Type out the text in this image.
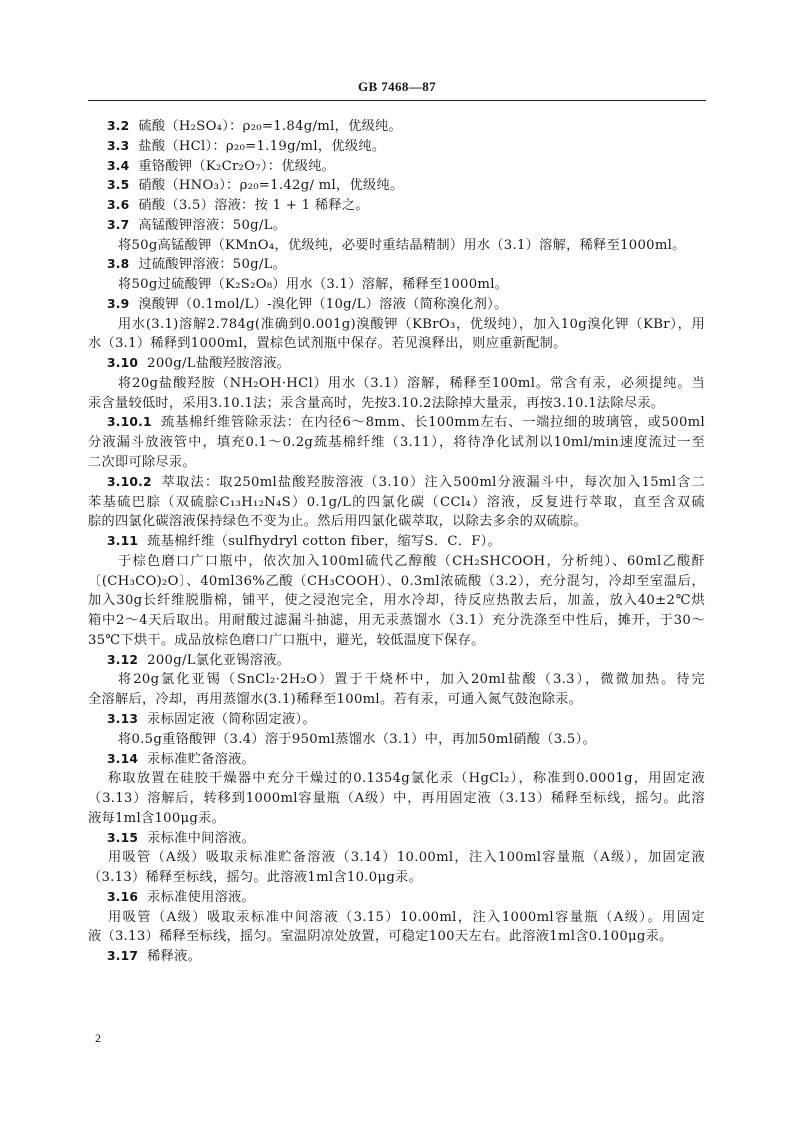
GB 7468—87
3.2 硫酸（H₂SO₄）：ρ₂₀=1.84g/ml，优级纯。
3.3 盐酸（HCl）：ρ₂₀=1.19g/ml，优级纯。
3.4 重铬酸钾（K₂Cr₂O₇）：优级纯。
3.5 硝酸（HNO₃）：ρ₂₀=1.42g/ ml，优级纯。
3.6 硝酸（3.5）溶液：按 1 + 1 稀释之。
3.7 高锰酸钾溶液：50g/L。
将50g高锰酸钾（KMnO₄，优级纯，必要时重结晶精制）用水（3.1）溶解，稀释至1000ml。
3.8 过硫酸钾溶液：50g/L。
将50g过硫酸钾（K₂S₂O₈）用水（3.1）溶解，稀释至1000ml。
3.9 溴酸钾（0.1mol/L）-溴化钾（10g/L）溶液（简称溴化剂）。
用水(3.1)溶解2.784g(准确到0.001g)溴酸钾（KBrO₃，优级纯），加入10g溴化钾（KBr），用
水（3.1）稀释到1000ml，置棕色试剂瓶中保存。若见溴释出，则应重新配制。
3.10 200g/L盐酸羟胺溶液。
将20g盐酸羟胺（NH₂OH·HCl）用水（3.1）溶解，稀释至100ml。常含有汞，必须提纯。当
汞含量较低时，采用3.10.1法；汞含量高时，先按3.10.2法除掉大量汞，再按3.10.1法除尽汞。
3.10.1 巯基棉纤维管除汞法：在内径6～8mm、长100mm左右、一端拉细的玻璃管，或500ml
分液漏斗放液管中，填充0.1～0.2g巯基棉纤维（3.11），将待净化试剂以10ml/min速度流过一至
二次即可除尽汞。
3.10.2 萃取法：取250ml盐酸羟胺溶液（3.10）注入500ml分液漏斗中，每次加入15ml含二
苯基硫巴腙（双硫腙C₁₃H₁₂N₄S）0.1g/L的四氯化碳（CCl₄）溶液，反复进行萃取，直至含双硫
腙的四氯化碳溶液保持绿色不变为止。然后用四氯化碳萃取，以除去多余的双硫腙。
3.11 巯基棉纤维（sulfhydryl cotton fiber，缩写S．C．F）。
于棕色磨口广口瓶中，依次加入100ml硫代乙醇酸（CH₂SHCOOH，分析纯）、60ml乙酸酐
〔(CH₃CO)₂O〕、40ml36%乙酸（CH₃COOH）、0.3ml浓硫酸（3.2），充分混匀，冷却至室温后，
加入30g长纤维脱脂棉，铺平，使之浸泡完全，用水冷却，待反应热散去后，加盖，放入40±2℃烘
箱中2～4天后取出。用耐酸过滤漏斗抽滤，用无汞蒸馏水（3.1）充分洗涤至中性后，摊开，于30～
35℃下烘干。成品放棕色磨口广口瓶中，避光，较低温度下保存。
3.12 200g/L氯化亚锡溶液。
将20g氯化亚锡（SnCl₂·2H₂O）置于干烧杯中，加入20ml盐酸（3.3），微微加热。待完
全溶解后，冷却，再用蒸馏水(3.1)稀释至100ml。若有汞，可通入氮气鼓泡除汞。
3.13 汞标固定液（简称固定液）。
将0.5g重铬酸钾（3.4）溶于950ml蒸馏水（3.1）中，再加50ml硝酸（3.5）。
3.14 汞标准贮备溶液。
称取放置在硅胶干燥器中充分干燥过的0.1354g氯化汞（HgCl₂），称准到0.0001g，用固定液
（3.13）溶解后，转移到1000ml容量瓶（A级）中，再用固定液（3.13）稀释至标线，摇匀。此溶
液每1ml含100μg汞。
3.15 汞标准中间溶液。
用吸管（A级）吸取汞标准贮备溶液（3.14）10.00ml，注入100ml容量瓶（A级），加固定液
（3.13）稀释至标线，摇匀。此溶液1ml含10.0μg汞。
3.16 汞标准使用溶液。
用吸管（A级）吸取汞标准中间溶液（3.15）10.00ml，注入1000ml容量瓶（A级）。用固定
液（3.13）稀释至标线，摇匀。室温阴凉处放置，可稳定100天左右。此溶液1ml含0.100μg汞。
3.17 稀释液。
2
